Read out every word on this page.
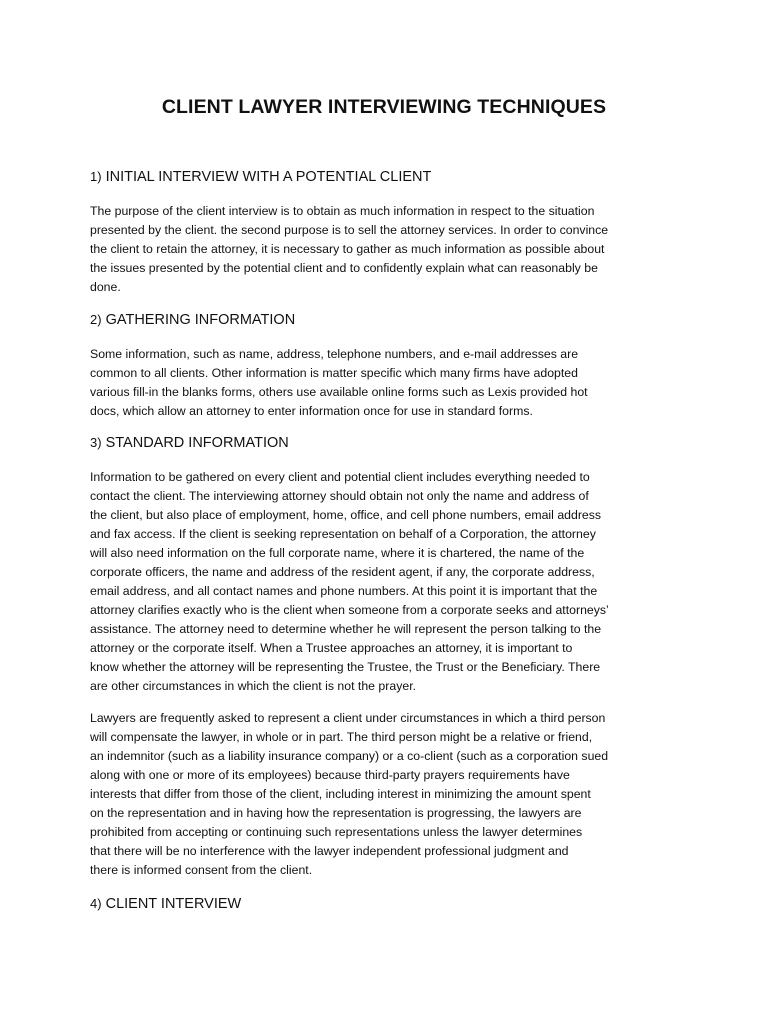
CLIENT LAWYER INTERVIEWING TECHNIQUES
1) INITIAL INTERVIEW WITH A POTENTIAL CLIENT

The purpose of the client interview is to obtain as much information in respect to the situation
presented by the client. the second purpose is to sell the attorney services. In order to convince
the client to retain the attorney, it is necessary to gather as much information as possible about
the issues presented by the potential client and to confidently explain what can reasonably be
done.

2) GATHERING INFORMATION

Some information, such as name, address, telephone numbers, and e-mail addresses are
common to all clients. Other information is matter specific which many firms have adopted
various fill-in the blanks forms, others use available online forms such as Lexis provided hot
docs, which allow an attorney to enter information once for use in standard forms.

3) STANDARD INFORMATION

Information to be gathered on every client and potential client includes everything needed to
contact the client. The interviewing attorney should obtain not only the name and address of
the client, but also place of employment, home, office, and cell phone numbers, email address
and fax access. If the client is seeking representation on behalf of a Corporation, the attorney
will also need information on the full corporate name, where it is chartered, the name of the
corporate officers, the name and address of the resident agent, if any, the corporate address,
email address, and all contact names and phone numbers. At this point it is important that the
attorney clarifies exactly who is the client when someone from a corporate seeks and attorneys’
assistance. The attorney need to determine whether he will represent the person talking to the
attorney or the corporate itself. When a Trustee approaches an attorney, it is important to
know whether the attorney will be representing the Trustee, the Trust or the Beneficiary. There
are other circumstances in which the client is not the prayer.

Lawyers are frequently asked to represent a client under circumstances in which a third person
will compensate the lawyer, in whole or in part. The third person might be a relative or friend,
an indemnitor (such as a liability insurance company) or a co-client (such as a corporation sued
along with one or more of its employees) because third-party prayers requirements have
interests that differ from those of the client, including interest in minimizing the amount spent
on the representation and in having how the representation is progressing, the lawyers are
prohibited from accepting or continuing such representations unless the lawyer determines
that there will be no interference with the lawyer independent professional judgment and
there is informed consent from the client.

4) CLIENT INTERVIEW
